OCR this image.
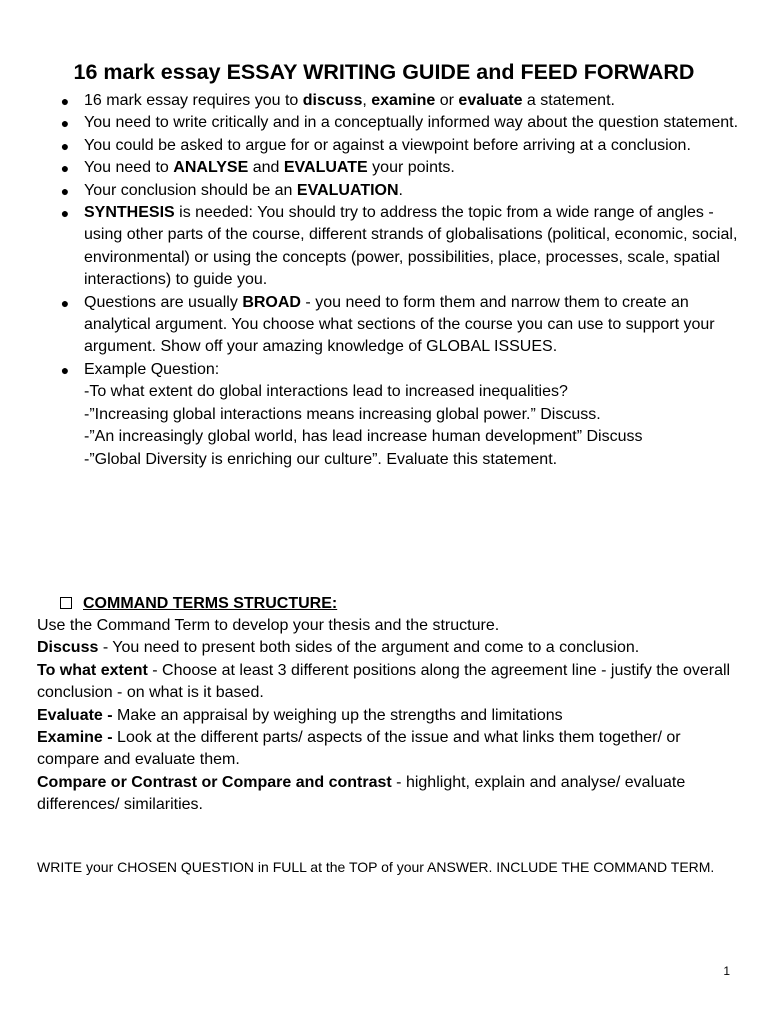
16 mark essay ESSAY WRITING GUIDE and FEED FORWARD
● 16 mark essay requires you to discuss, examine or evaluate a statement.
● You need to write critically and in a conceptually informed way about the question statement.
● You could be asked to argue for or against a viewpoint before arriving at a conclusion.
● You need to ANALYSE and EVALUATE your points.
● Your conclusion should be an EVALUATION.
● SYNTHESIS is needed: You should try to address the topic from a wide range of angles - using other parts of the course, different strands of globalisations (political, economic, social, environmental) or using the concepts (power, possibilities, place, processes, scale, spatial interactions) to guide you.
● Questions are usually BROAD - you need to form them and narrow them to create an analytical argument. You choose what sections of the course you can use to support your argument. Show off your amazing knowledge of GLOBAL ISSUES.
● Example Question:
-To what extent do global interactions lead to increased inequalities?
-”Increasing global interactions means increasing global power.” Discuss.
-”An increasingly global world, has lead increase human development” Discuss
-”Global Diversity is enriching our culture”. Evaluate this statement.
COMMAND TERMS STRUCTURE:

Use the Command Term to develop your thesis and the structure.

Discuss - You need to present both sides of the argument and come to a conclusion.

To what extent - Choose at least 3 different positions along the agreement line - justify the overall conclusion - on what is it based.

Evaluate - Make an appraisal by weighing up the strengths and limitations

Examine - Look at the different parts/ aspects of the issue and what links them together/ or compare and evaluate them.

Compare or Contrast or Compare and contrast - highlight, explain and analyse/ evaluate differences/ similarities.

WRITE your CHOSEN QUESTION in FULL at the TOP of your ANSWER. INCLUDE THE COMMAND TERM.
1
